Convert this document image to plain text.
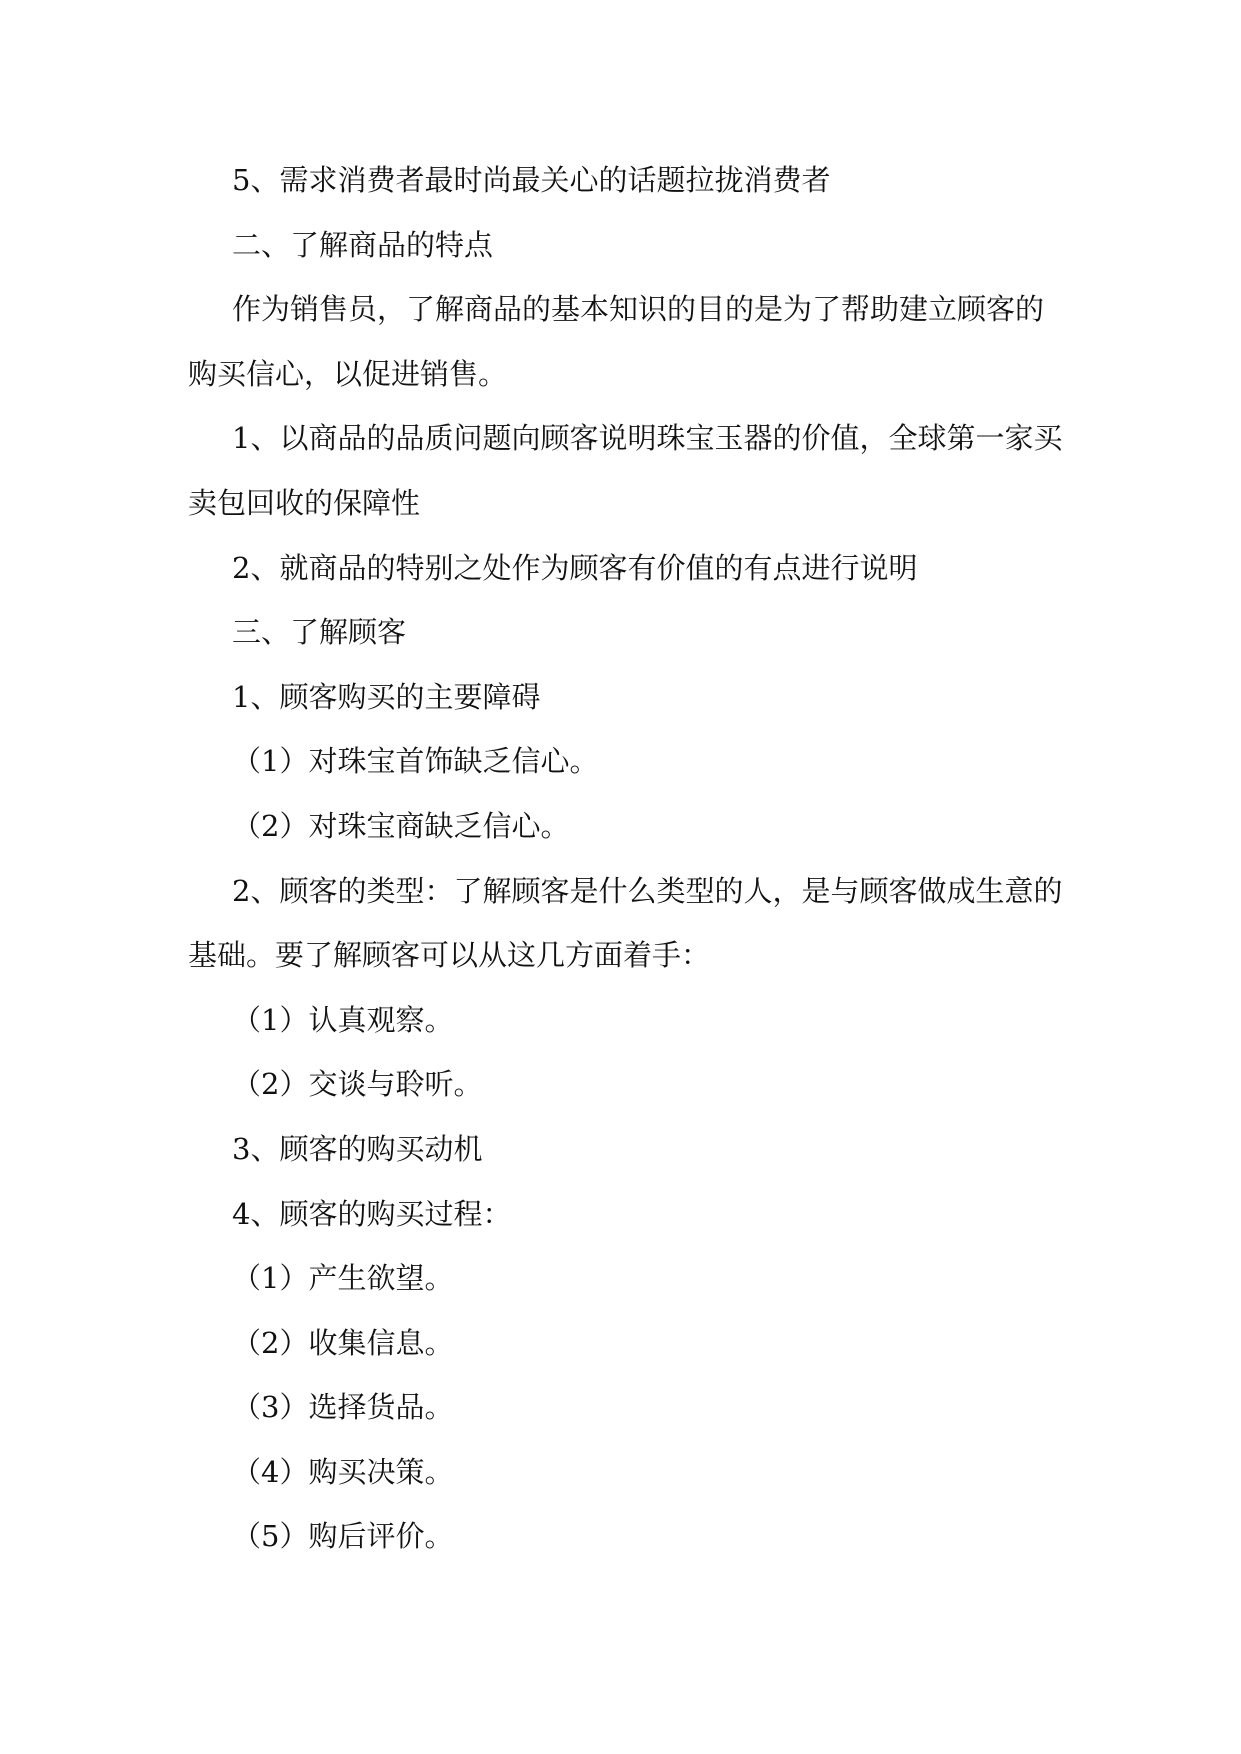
5、需求消费者最时尚最关心的话题拉拢消费者

二、了解商品的特点

作为销售员，了解商品的基本知识的目的是为了帮助建立顾客的购买信心，以促进销售。

1、以商品的品质问题向顾客说明珠宝玉器的价值，全球第一家买卖包回收的保障性

2、就商品的特别之处作为顾客有价值的有点进行说明

三、了解顾客

1、顾客购买的主要障碍

（1）对珠宝首饰缺乏信心。

（2）对珠宝商缺乏信心。

2、顾客的类型：了解顾客是什么类型的人，是与顾客做成生意的基础。要了解顾客可以从这几方面着手：

（1）认真观察。

（2）交谈与聆听。

3、顾客的购买动机

4、顾客的购买过程：

（1）产生欲望。

（2）收集信息。

（3）选择货品。

（4）购买决策。

（5）购后评价。
